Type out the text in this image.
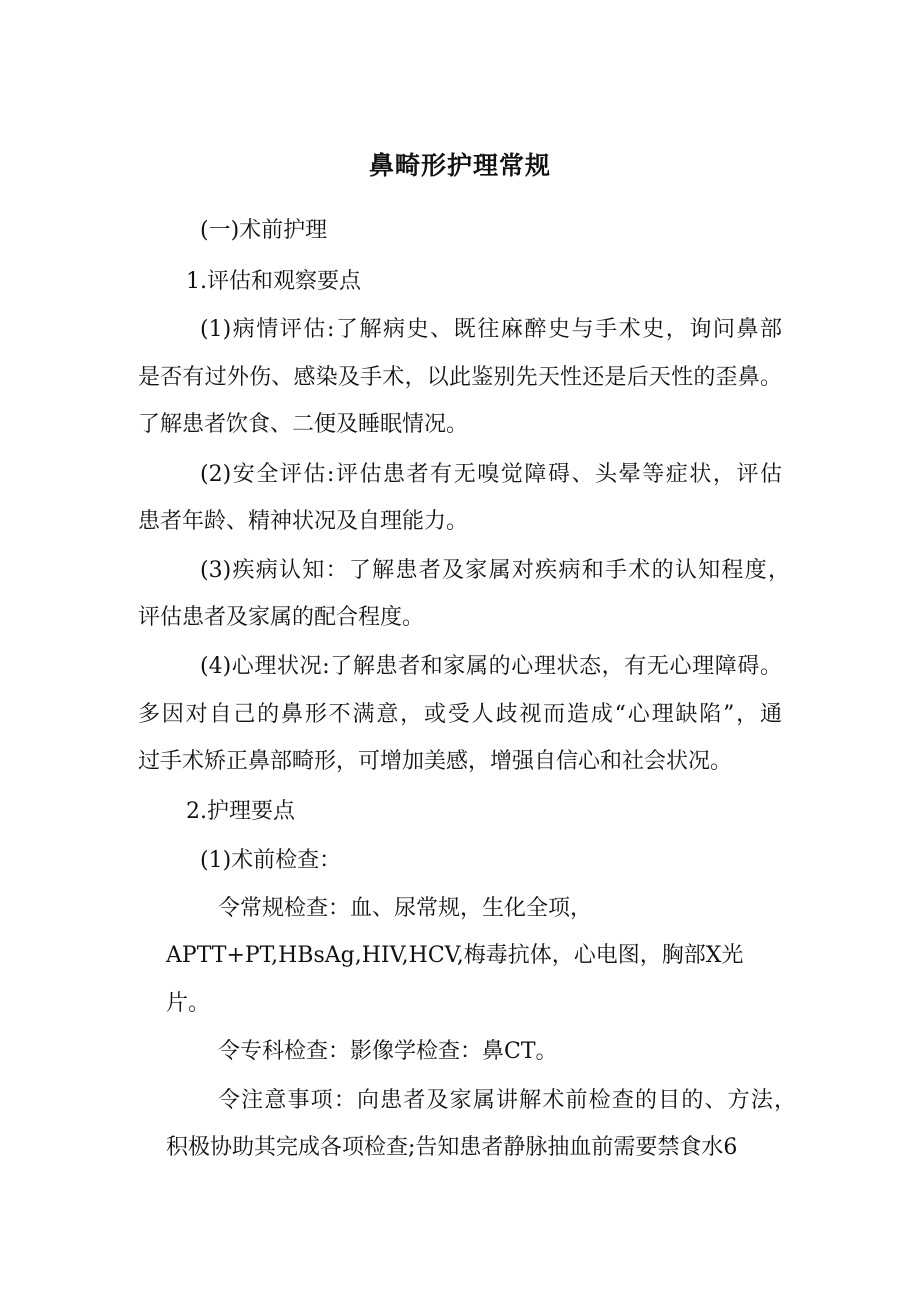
鼻畸形护理常规
(一)术前护理
1.评估和观察要点
(1)病情评估:了解病史、既往麻醉史与手术史，询问鼻部
是否有过外伤、感染及手术，以此鉴别先天性还是后天性的歪鼻。
了解患者饮食、二便及睡眠情况。
(2)安全评估:评估患者有无嗅觉障碍、头晕等症状，评估
患者年龄、精神状况及自理能力。
(3)疾病认知：了解患者及家属对疾病和手术的认知程度，
评估患者及家属的配合程度。
(4)心理状况:了解患者和家属的心理状态，有无心理障碍。
多因对自己的鼻形不满意，或受人歧视而造成“心理缺陷”，通
过手术矫正鼻部畸形，可增加美感，增强自信心和社会状况。
2.护理要点
(1)术前检查：
令常规检查：血、尿常规，生化全项，
APTT+PT,HBsAg,HIV,HCV,梅毒抗体，心电图，胸部X光
片。
令专科检查：影像学检查：鼻CT。
令注意事项：向患者及家属讲解术前检查的目的、方法，
积极协助其完成各项检查;告知患者静脉抽血前需要禁食水6
